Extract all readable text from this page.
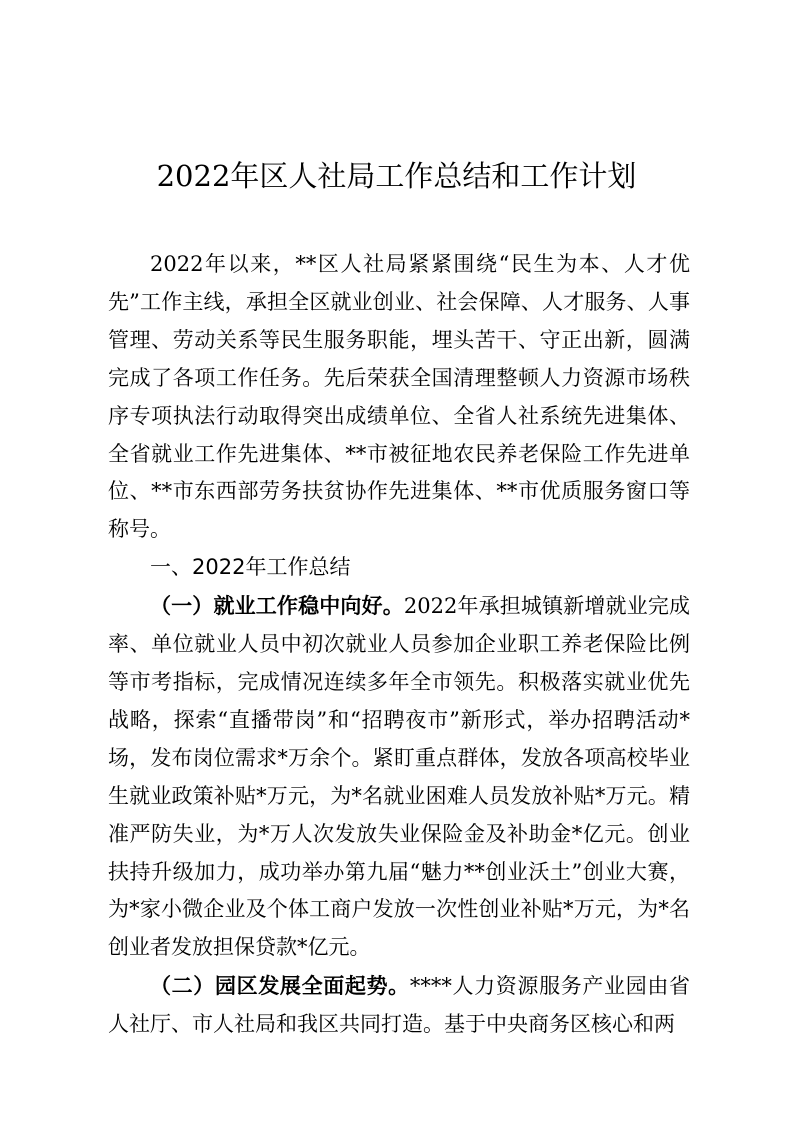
2022年区人社局工作总结和工作计划

2022年以来，**区人社局紧紧围绕“民生为本、人才优先”工作主线，承担全区就业创业、社会保障、人才服务、人事管理、劳动关系等民生服务职能，埋头苦干、守正出新，圆满完成了各项工作任务。先后荣获全国清理整顿人力资源市场秩序专项执法行动取得突出成绩单位、全省人社系统先进集体、全省就业工作先进集体、**市被征地农民养老保险工作先进单位、**市东西部劳务扶贫协作先进集体、**市优质服务窗口等称号。

一、2022年工作总结

（一）就业工作稳中向好。2022年承担城镇新增就业完成率、单位就业人员中初次就业人员参加企业职工养老保险比例等市考指标，完成情况连续多年全市领先。积极落实就业优先战略，探索“直播带岗”和“招聘夜市”新形式，举办招聘活动*场，发布岗位需求*万余个。紧盯重点群体，发放各项高校毕业生就业政策补贴*万元，为*名就业困难人员发放补贴*万元。精准严防失业，为*万人次发放失业保险金及补助金*亿元。创业扶持升级加力，成功举办第九届“魅力**创业沃土”创业大赛，为*家小微企业及个体工商户发放一次性创业补贴*万元，为*名创业者发放担保贷款*亿元。

（二）园区发展全面起势。****人力资源服务产业园由省人社厅、市人社局和我区共同打造。基于中央商务区核心和两
